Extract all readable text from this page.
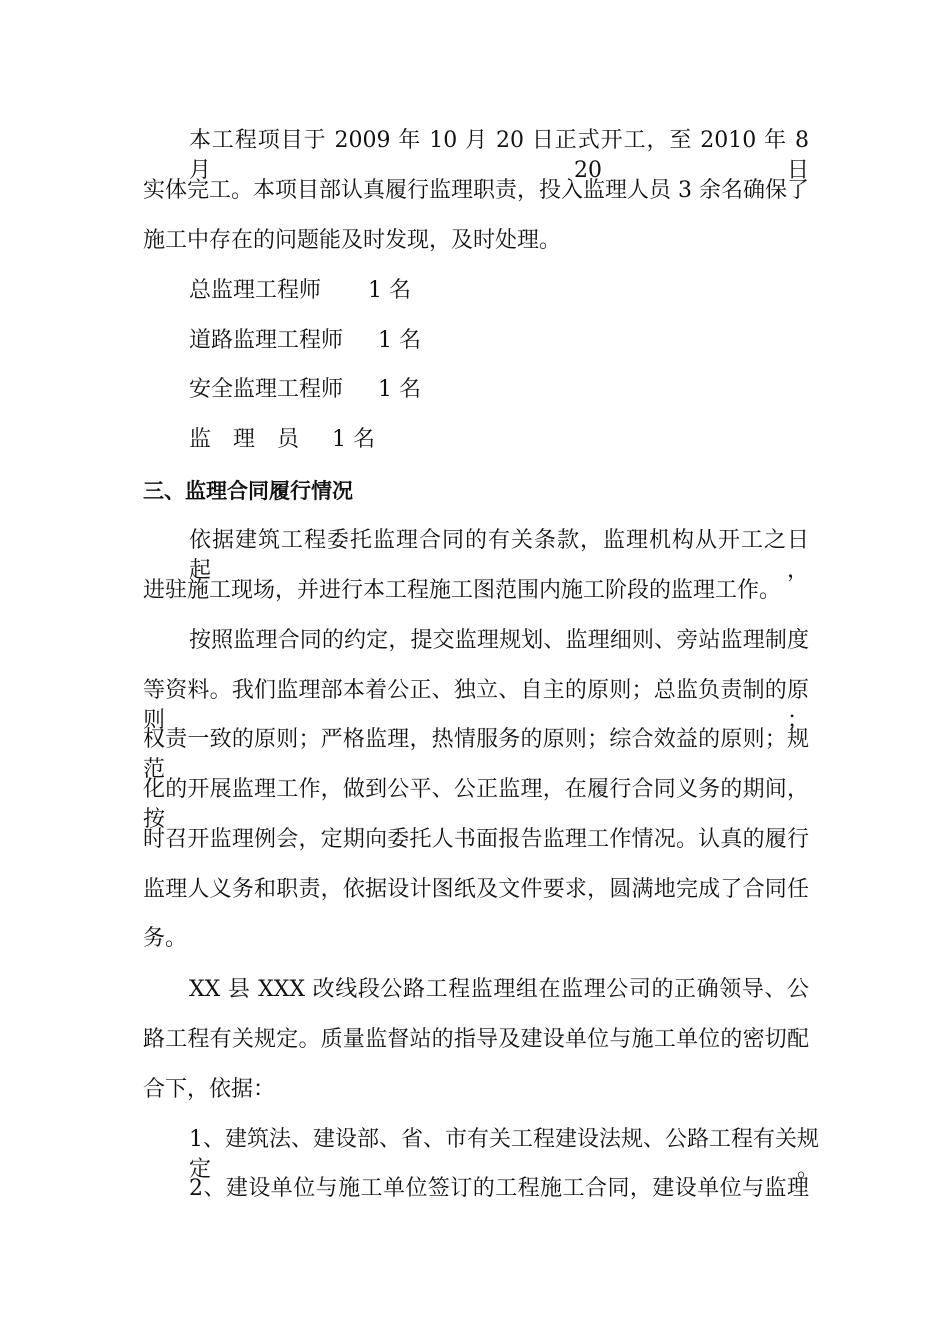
本工程项目于 2009 年 10 月 20 日正式开工，至 2010 年 8 月 20 日
实体完工。本项目部认真履行监理职责，投入监理人员 3 余名确保了
施工中存在的问题能及时发现，及时处理。
总监理工程师 1 名
道路监理工程师 1 名
安全监理工程师 1 名
监　理　员 1 名
三、监理合同履行情况
依据建筑工程委托监理合同的有关条款，监理机构从开工之日起，
进驻施工现场，并进行本工程施工图范围内施工阶段的监理工作。
按照监理合同的约定，提交监理规划、监理细则、旁站监理制度
等资料。我们监理部本着公正、独立、自主的原则；总监负责制的原则；
权责一致的原则；严格监理，热情服务的原则；综合效益的原则；规范
化的开展监理工作，做到公平、公正监理，在履行合同义务的期间，按
时召开监理例会，定期向委托人书面报告监理工作情况。认真的履行
监理人义务和职责，依据设计图纸及文件要求，圆满地完成了合同任
务。
XX 县 XXX 改线段公路工程监理组在监理公司的正确领导、公
路工程有关规定。质量监督站的指导及建设单位与施工单位的密切配
合下，依据：
1、建筑法、建设部、省、市有关工程建设法规、公路工程有关规定。
2、建设单位与施工单位签订的工程施工合同，建设单位与监理
